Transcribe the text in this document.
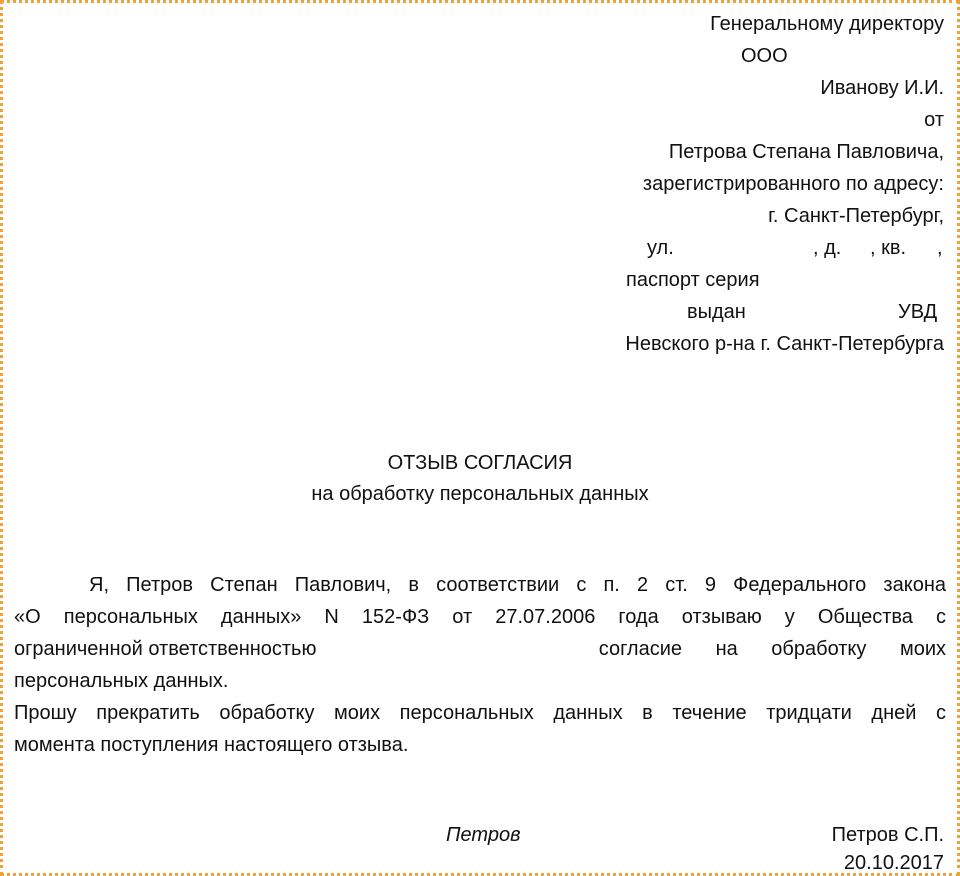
Генеральному директору
ООО
Иванову И.И.
от
Петрова Степана Павловича,
зарегистрированного по адресу:
г. Санкт-Петербург,
ул.	, д. , кв. ,
паспорт серия
выдан	УВД
Невского р-на г. Санкт-Петербурга
ОТЗЫВ СОГЛАСИЯ
на обработку персональных данных
Я, Петров Степан Павлович, в соответствии с п. 2 ст. 9 Федерального закона
«О персональных данных» N 152-ФЗ от 27.07.2006 года отзываю у Общества с
ограниченной ответственностью	согласие на обработку моих
персональных данных.
Прошу прекратить обработку моих персональных данных в течение тридцати дней с
момента поступления настоящего отзыва.
Петров	Петров С.П.
20.10.2017
